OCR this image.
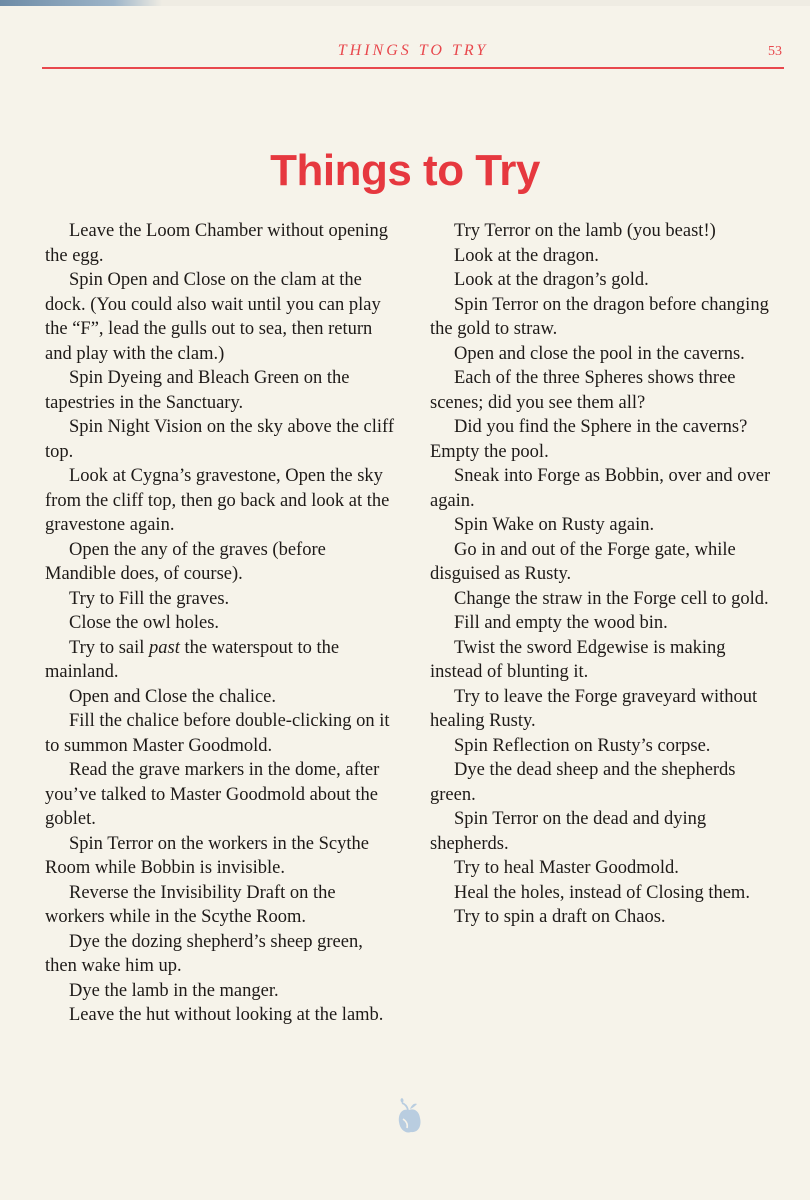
THINGS TO TRY	53
Things to Try
Leave the Loom Chamber without opening the egg.
Spin Open and Close on the clam at the dock. (You could also wait until you can play the “F”, lead the gulls out to sea, then return and play with the clam.)
Spin Dyeing and Bleach Green on the tapestries in the Sanctuary.
Spin Night Vision on the sky above the cliff top.
Look at Cygna’s gravestone, Open the sky from the cliff top, then go back and look at the gravestone again.
Open the any of the graves (before Mandible does, of course).
Try to Fill the graves.
Close the owl holes.
Try to sail past the waterspout to the mainland.
Open and Close the chalice.
Fill the chalice before double-clicking on it to summon Master Goodmold.
Read the grave markers in the dome, after you’ve talked to Master Goodmold about the goblet.
Spin Terror on the workers in the Scythe Room while Bobbin is invisible.
Reverse the Invisibility Draft on the workers while in the Scythe Room.
Dye the dozing shepherd’s sheep green, then wake him up.
Dye the lamb in the manger.
Leave the hut without looking at the lamb.
Try Terror on the lamb (you beast!)
Look at the dragon.
Look at the dragon’s gold.
Spin Terror on the dragon before changing the gold to straw.
Open and close the pool in the caverns.
Each of the three Spheres shows three scenes; did you see them all?
Did you find the Sphere in the caverns? Empty the pool.
Sneak into Forge as Bobbin, over and over again.
Spin Wake on Rusty again.
Go in and out of the Forge gate, while disguised as Rusty.
Change the straw in the Forge cell to gold.
Fill and empty the wood bin.
Twist the sword Edgewise is making instead of blunting it.
Try to leave the Forge graveyard without healing Rusty.
Spin Reflection on Rusty’s corpse.
Dye the dead sheep and the shepherds green.
Spin Terror on the dead and dying shepherds.
Try to heal Master Goodmold.
Heal the holes, instead of Closing them.
Try to spin a draft on Chaos.
